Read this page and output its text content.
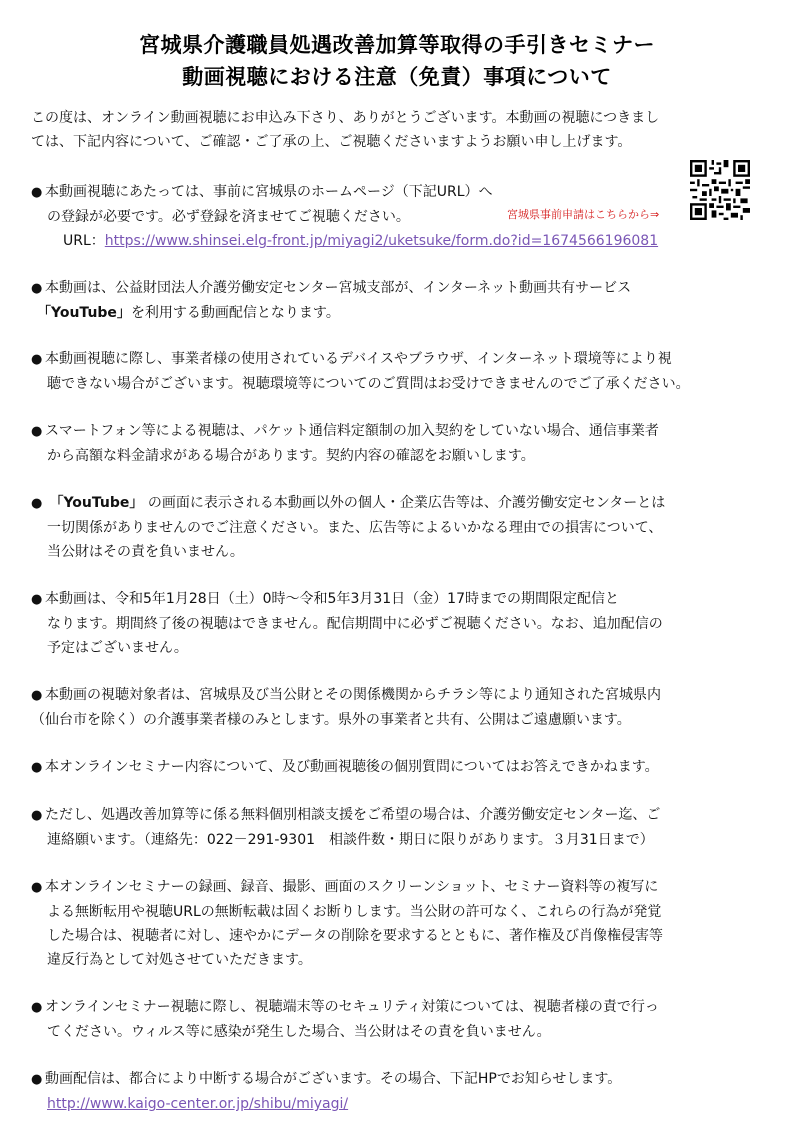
宮城県介護職員処遇改善加算等取得の手引きセミナー
動画視聴における注意（免責）事項について
この度は、オンライン動画視聴にお申込み下さり、ありがとうございます。本動画の視聴につきまし
ては、下記内容について、ご確認・ご了承の上、ご視聴くださいますようお願い申し上げます。
● 本動画視聴にあたっては、事前に宮城県のホームページ（下記URL）へ
の登録が必要です。必ず登録を済ませてご視聴ください。
URL：https://www.shinsei.elg-front.jp/miyagi2/uketsuke/form.do?id=1674566196081
宮城県事前申請はこちらから⇒
● 本動画は、公益財団法人介護労働安定センター宮城支部が、インターネット動画共有サービス
「YouTube」を利用する動画配信となります。
● 本動画視聴に際し、事業者様の使用されているデバイスやブラウザ、インターネット環境等により視
聴できない場合がございます。視聴環境等についてのご質問はお受けできませんのでご了承ください。
● スマートフォン等による視聴は、パケット通信料定額制の加入契約をしていない場合、通信事業者
から高額な料金請求がある場合があります。契約内容の確認をお願いします。
● 「YouTube」 の画面に表示される本動画以外の個人・企業広告等は、介護労働安定センターとは
一切関係がありませんのでご注意ください。また、広告等によるいかなる理由での損害について、
当公財はその責を負いません。
● 本動画は、令和5年1月28日（土）0時～令和5年3月31日（金）17時までの期間限定配信と
なります。期間終了後の視聴はできません。配信期間中に必ずご視聴ください。なお、追加配信の
予定はございません。
● 本動画の視聴対象者は、宮城県及び当公財とその関係機関からチラシ等により通知された宮城県内
（仙台市を除く）の介護事業者様のみとします。県外の事業者と共有、公開はご遠慮願います。
● 本オンラインセミナー内容について、及び動画視聴後の個別質問についてはお答えできかねます。
● ただし、処遇改善加算等に係る無料個別相談支援をご希望の場合は、介護労働安定センター迄、ご
連絡願います。（連絡先：022－291-9301　相談件数・期日に限りがあります。３月31日まで）
● 本オンラインセミナーの録画、録音、撮影、画面のスクリーンショット、セミナー資料等の複写に
よる無断転用や視聴URLの無断転載は固くお断りします。当公財の許可なく、これらの行為が発覚
した場合は、視聴者に対し、速やかにデータの削除を要求するとともに、著作権及び肖像権侵害等
違反行為として対処させていただきます。
● オンラインセミナー視聴に際し、視聴端末等のセキュリティ対策については、視聴者様の責で行っ
てください。ウィルス等に感染が発生した場合、当公財はその責を負いません。
● 動画配信は、都合により中断する場合がございます。その場合、下記HPでお知らせします。
http://www.kaigo-center.or.jp/shibu/miyagi/
